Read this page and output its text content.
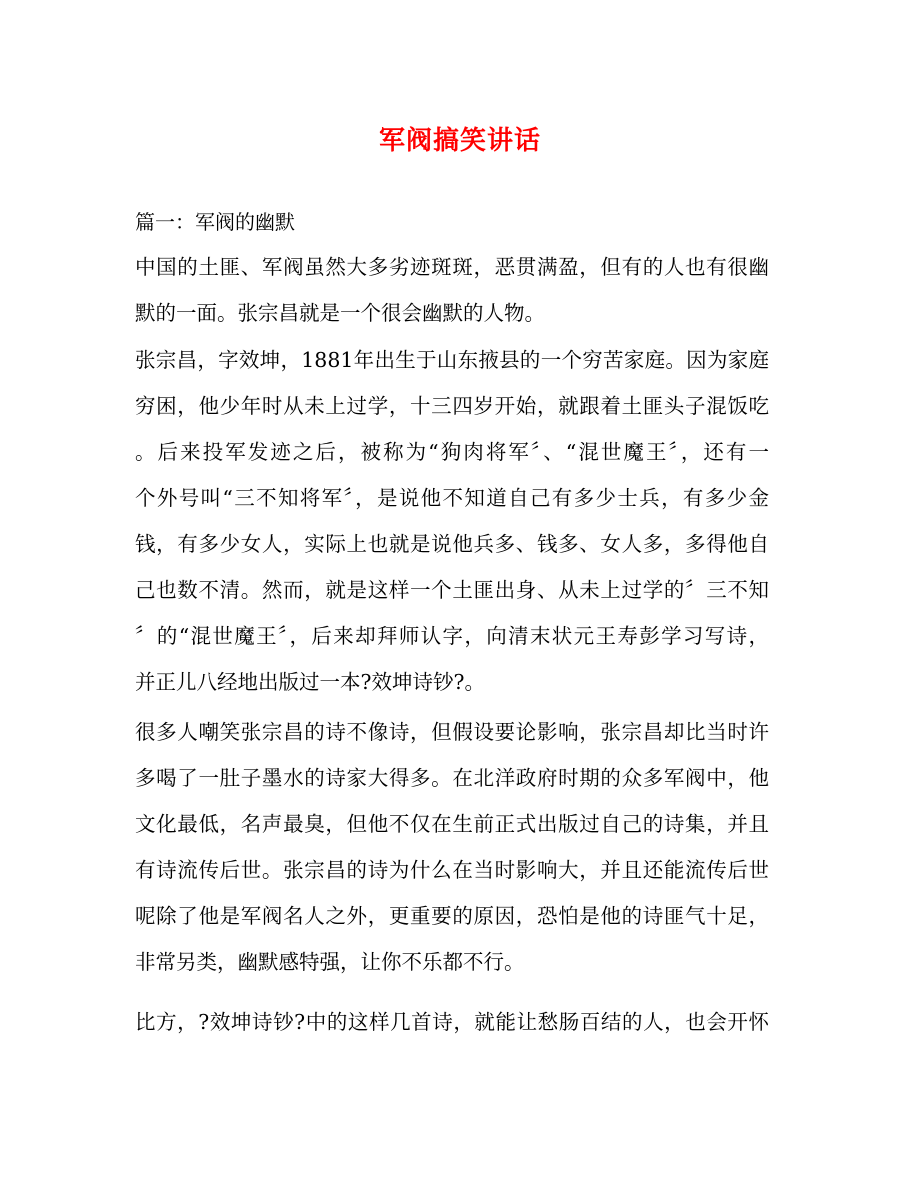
军阀搞笑讲话
篇一：军阀的幽默
中国的土匪、军阀虽然大多劣迹斑斑，恶贯满盈，但有的人也有很幽
默的一面。张宗昌就是一个很会幽默的人物。
张宗昌，字效坤，1881年出生于山东掖县的一个穷苦家庭。因为家庭
穷困，他少年时从未上过学，十三四岁开始，就跟着土匪头子混饭吃
。后来投军发迹之后，被称为“狗肉将军〞、“混世魔王〞，还有一
个外号叫“三不知将军〞，是说他不知道自己有多少士兵，有多少金
钱，有多少女人，实际上也就是说他兵多、钱多、女人多，多得他自
己也数不清。然而，就是这样一个土匪出身、从未上过学的〞三不知
〞的“混世魔王〞，后来却拜师认字，向清末状元王寿彭学习写诗，
并正儿八经地出版过一本?效坤诗钞?。
很多人嘲笑张宗昌的诗不像诗，但假设要论影响，张宗昌却比当时许
多喝了一肚子墨水的诗家大得多。在北洋政府时期的众多军阀中，他
文化最低，名声最臭，但他不仅在生前正式出版过自己的诗集，并且
有诗流传后世。张宗昌的诗为什么在当时影响大，并且还能流传后世
呢除了他是军阀名人之外，更重要的原因，恐怕是他的诗匪气十足，
非常另类，幽默感特强，让你不乐都不行。
比方，?效坤诗钞?中的这样几首诗，就能让愁肠百结的人，也会开怀
